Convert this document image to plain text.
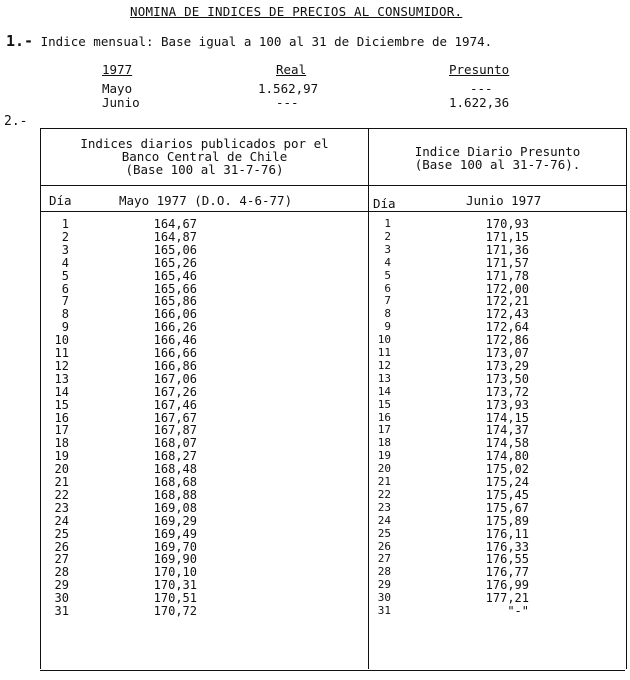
NOMINA DE INDICES DE PRECIOS AL CONSUMIDOR.
1.- Indice mensual: Base igual a 100 al 31 de Diciembre de 1974.
1977	Real	Presunto
Mayo	1.562,97	---
Junio	---	1.622,36
2.-
Indices diarios publicados por el
Banco Central de Chile
(Base 100 al 31-7-76)
Indice Diario Presunto
(Base 100 al 31-7-76).
Día	Mayo 1977 (D.O. 4-6-77)	Día	Junio 1977
1	164,67	1	170,93
2	164,87	2	171,15
3	165,06	3	171,36
4	165,26	4	171,57
5	165,46	5	171,78
6	165,66	6	172,00
7	165,86	7	172,21
8	166,06	8	172,43
9	166,26	9	172,64
10	166,46	10	172,86
11	166,66	11	173,07
12	166,86	12	173,29
13	167,06	13	173,50
14	167,26	14	173,72
15	167,46	15	173,93
16	167,67	16	174,15
17	167,87	17	174,37
18	168,07	18	174,58
19	168,27	19	174,80
20	168,48	20	175,02
21	168,68	21	175,24
22	168,88	22	175,45
23	169,08	23	175,67
24	169,29	24	175,89
25	169,49	25	176,11
26	169,70	26	176,33
27	169,90	27	176,55
28	170,10	28	176,77
29	170,31	29	176,99
30	170,51	30	177,21
31	170,72	31	"-"
